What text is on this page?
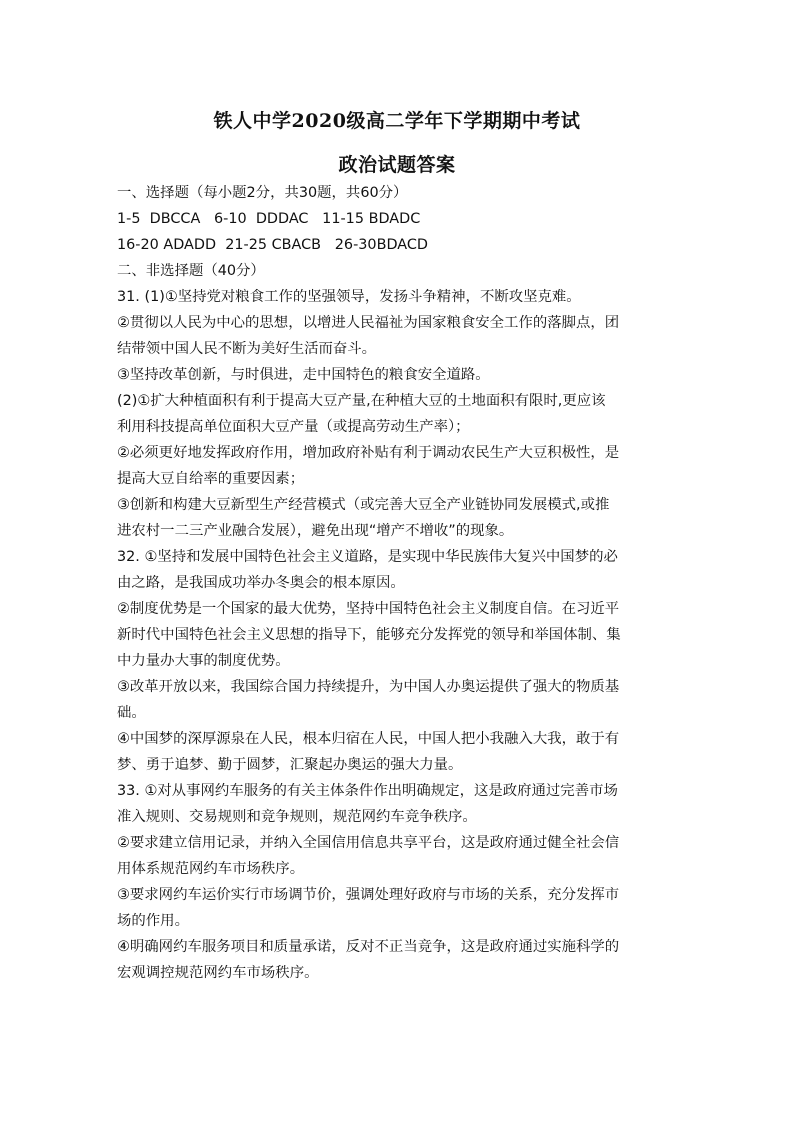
铁人中学2020级高二学年下学期期中考试
政治试题答案
一、选择题（每小题2分，共30题，共60分）
1-5  DBCCA   6-10  DDDAC   11-15 BDADC
16-20 ADADD  21-25 CBACB   26-30BDACD
二、非选择题（40分）
31. (1)①坚持党对粮食工作的坚强领导，发扬斗争精神，不断攻坚克难。
②贯彻以人民为中心的思想，以增进人民福祉为国家粮食安全工作的落脚点，团
结带领中国人民不断为美好生活而奋斗。
③坚持改革创新，与时俱进，走中国特色的粮食安全道路。
(2)①扩大种植面积有利于提高大豆产量,在种植大豆的土地面积有限时,更应该
利用科技提高单位面积大豆产量（或提高劳动生产率）；
②必须更好地发挥政府作用，增加政府补贴有利于调动农民生产大豆积极性，是
提高大豆自给率的重要因素；
③创新和构建大豆新型生产经营模式（或完善大豆全产业链协同发展模式,或推
进农村一二三产业融合发展），避免出现“增产不增收”的现象。
32. ①坚持和发展中国特色社会主义道路，是实现中华民族伟大复兴中国梦的必
由之路，是我国成功举办冬奥会的根本原因。
②制度优势是一个国家的最大优势，坚持中国特色社会主义制度自信。在习近平
新时代中国特色社会主义思想的指导下，能够充分发挥党的领导和举国体制、集
中力量办大事的制度优势。
③改革开放以来，我国综合国力持续提升，为中国人办奥运提供了强大的物质基
础。
④中国梦的深厚源泉在人民，根本归宿在人民，中国人把小我融入大我，敢于有
梦、勇于追梦、勤于圆梦，汇聚起办奥运的强大力量。
33. ①对从事网约车服务的有关主体条件作出明确规定，这是政府通过完善市场
准入规则、交易规则和竞争规则，规范网约车竞争秩序。
②要求建立信用记录，并纳入全国信用信息共享平台，这是政府通过健全社会信
用体系规范网约车市场秩序。
③要求网约车运价实行市场调节价，强调处理好政府与市场的关系，充分发挥市
场的作用。
④明确网约车服务项目和质量承诺，反对不正当竞争，这是政府通过实施科学的
宏观调控规范网约车市场秩序。
